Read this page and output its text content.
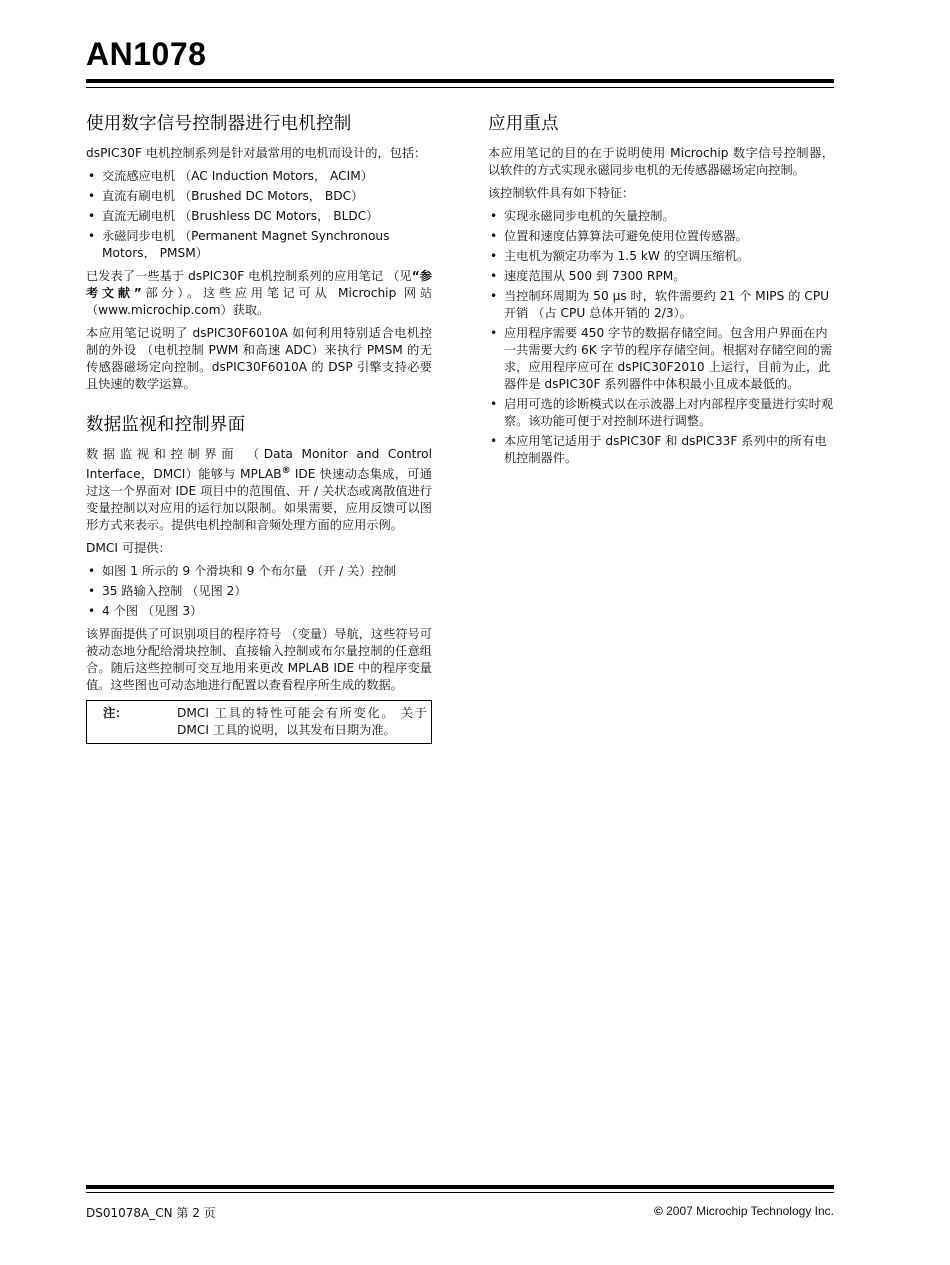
AN1078
使用数字信号控制器进行电机控制

dsPIC30F 电机控制系列是针对最常用的电机而设计的，包括：

• 交流感应电机 （AC Induction Motors， ACIM）
• 直流有刷电机 （Brushed DC Motors， BDC）
• 直流无刷电机 （Brushless DC Motors， BLDC）
• 永磁同步电机 （Permanent Magnet Synchronous Motors， PMSM）

已发表了一些基于 dsPIC30F 电机控制系列的应用笔记 （见“参考文献”部分）。这些应用笔记可从 Microchip 网站 （www.microchip.com）获取。

本应用笔记说明了 dsPIC30F6010A 如何利用特别适合电机控制的外设 （电机控制 PWM 和高速 ADC）来执行 PMSM 的无传感器磁场定向控制。dsPIC30F6010A 的 DSP 引擎支持必要且快速的数学运算。

数据监视和控制界面

数据监视和控制界面 （Data Monitor and Control Interface，DMCI）能够与 MPLAB® IDE 快速动态集成，可通过这一个界面对 IDE 项目中的范围值、开 / 关状态或离散值进行变量控制以对应用的运行加以限制。如果需要，应用反馈可以图形方式来表示。提供电机控制和音频处理方面的应用示例。

DMCI 可提供：

• 如图 1 所示的 9 个滑块和 9 个布尔量 （开 / 关）控制
• 35 路输入控制 （见图 2）
• 4 个图 （见图 3）

该界面提供了可识别项目的程序符号 （变量）导航，这些符号可被动态地分配给滑块控制、直接输入控制或布尔量控制的任意组合。随后这些控制可交互地用来更改 MPLAB IDE 中的程序变量值。这些图也可动态地进行配置以查看程序所生成的数据。

注：	DMCI 工具的特性可能会有所变化。 关于 DMCI 工具的说明，以其发布日期为准。
应用重点

本应用笔记的目的在于说明使用 Microchip 数字信号控制器，以软件的方式实现永磁同步电机的无传感器磁场定向控制。

该控制软件具有如下特征：

• 实现永磁同步电机的矢量控制。
• 位置和速度估算算法可避免使用位置传感器。
• 主电机为额定功率为 1.5 kW 的空调压缩机。
• 速度范围从 500 到 7300 RPM。
• 当控制环周期为 50 μs 时，软件需要约 21 个 MIPS 的 CPU 开销 （占 CPU 总体开销的 2/3）。
• 应用程序需要 450 字节的数据存储空间。包含用户界面在内一共需要大约 6K 字节的程序存储空间。根据对存储空间的需求，应用程序应可在 dsPIC30F2010 上运行，目前为止，此器件是 dsPIC30F 系列器件中体积最小且成本最低的。
• 启用可选的诊断模式以在示波器上对内部程序变量进行实时观察。该功能可便于对控制环进行调整。
• 本应用笔记适用于 dsPIC30F 和 dsPIC33F 系列中的所有电机控制器件。
DS01078A_CN 第 2 页	© 2007 Microchip Technology Inc.
